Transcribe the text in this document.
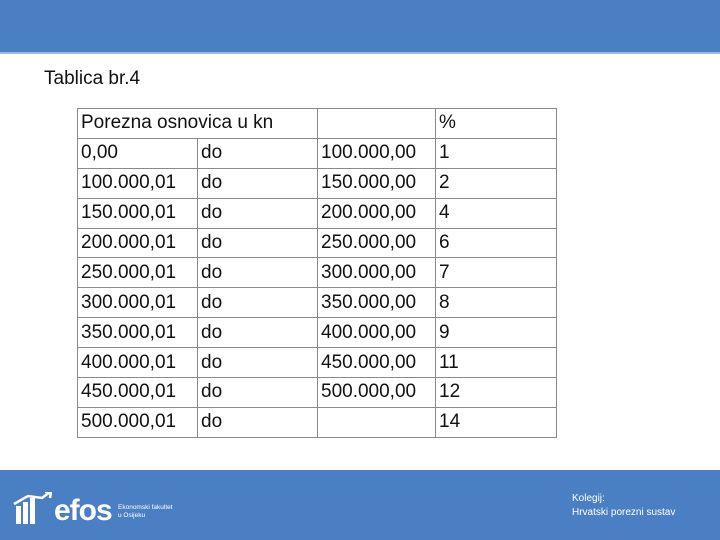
Tablica br.4
Porezna osnovica u kn			%
0,00	do	100.000,00	1
100.000,01	do	150.000,00	2
150.000,01	do	200.000,00	4
200.000,01	do	250.000,00	6
250.000,01	do	300.000,00	7
300.000,01	do	350.000,00	8
350.000,01	do	400.000,00	9
400.000,01	do	450.000,00	11
450.000,01	do	500.000,00	12
500.000,01	do		14
efos Ekonomski fakultet
u Osijeku
Kolegij:
Hrvatski porezni sustav
